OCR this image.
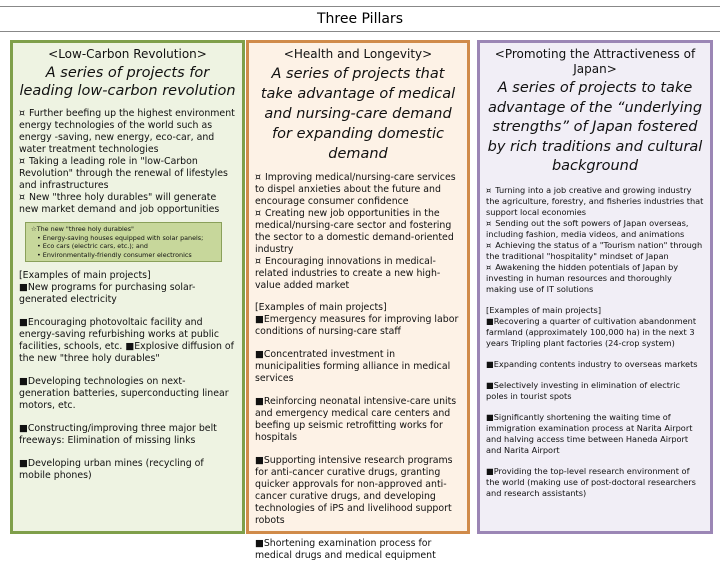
Three Pillars
<Low-Carbon Revolution>
A series of projects for leading low-carbon revolution

¤ Further beefing up the highest environment energy technologies of the world such as energy -saving, new energy, eco-car, and water treatment technologies

¤ Taking a leading role in "low-Carbon Revolution" through the renewal of lifestyles and infrastructures

¤ New "three holy durables" will generate new market demand and job opportunities

☆The new "three holy durables"

• Energy-saving houses equipped with solar panels;

• Eco cars (electric cars, etc.); and

• Environmentally-friendly consumer electronics

[Examples of main projects]

■New programs for purchasing solar-generated electricity

■Encouraging photovoltaic facility and energy-saving refurbishing works at public facilities, schools, etc. ■Explosive diffusion of the new "three holy durables"

■Developing technologies on next-generation batteries, superconducting linear motors, etc.

■Constructing/improving three major belt freeways: Elimination of missing links

■Developing urban mines (recycling of mobile phones)

<Health and Longevity>
A series of projects that take advantage of medical and nursing-care demand for expanding domestic demand

¤ Improving medical/nursing-care services to dispel anxieties about the future and encourage consumer confidence

¤ Creating new job opportunities in the medical/nursing-care sector and fostering the sector to a domestic demand-oriented industry

¤ Encouraging innovations in medical-related industries to create a new high-value added market

[Examples of main projects]

■Emergency measures for improving labor conditions of nursing-care staff

■Concentrated investment in municipalities forming alliance in medical services

■Reinforcing neonatal intensive-care units and emergency medical care centers and beefing up seismic retrofitting works for hospitals

■Supporting intensive research programs for anti-cancer curative drugs, granting quicker approvals for non-approved anti-cancer curative drugs, and developing technologies of iPS and livelihood support robots

■Shortening examination process for medical drugs and medical equipment

<Promoting the Attractiveness of Japan>
A series of projects to take advantage of the “underlying strengths” of Japan fostered by rich traditions and cultural background

¤ Turning into a job creative and growing industry the agriculture, forestry, and fisheries industries that support local economies

¤ Sending out the soft powers of Japan overseas, including fashion, media videos, and animations

¤ Achieving the status of a "Tourism nation" through the traditional "hospitality" mindset of Japan

¤ Awakening the hidden potentials of Japan by investing in human resources and thoroughly making use of IT solutions

[Examples of main projects]

■Recovering a quarter of cultivation abandonment farmland (approximately 100,000 ha) in the next 3 years Tripling plant factories (24-crop system)

■Expanding contents industry to overseas markets

■Selectively investing in elimination of electric poles in tourist spots

■Significantly shortening the waiting time of immigration examination process at Narita Airport and halving access time between Haneda Airport and Narita Airport

■Providing the top-level research environment of the world (making use of post-doctoral researchers and research assistants)
